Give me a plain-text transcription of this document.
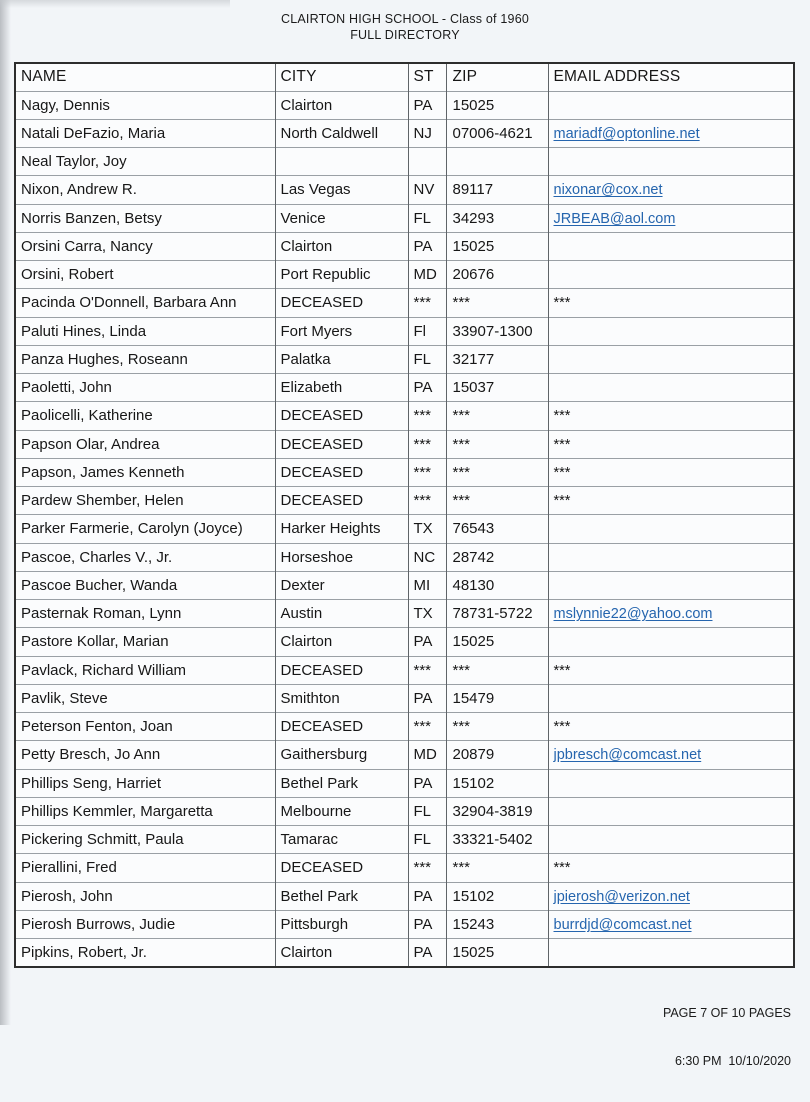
CLAIRTON HIGH SCHOOL - Class of 1960
FULL DIRECTORY
NAME	CITY	ST	ZIP	EMAIL ADDRESS
Nagy, Dennis	Clairton	PA	15025	
Natali DeFazio, Maria	North Caldwell	NJ	07006-4621	mariadf@optonline.net
Neal Taylor, Joy				
Nixon, Andrew R.	Las Vegas	NV	89117	nixonar@cox.net
Norris Banzen, Betsy	Venice	FL	34293	JRBEAB@aol.com
Orsini Carra, Nancy	Clairton	PA	15025	
Orsini, Robert	Port Republic	MD	20676	
Pacinda O'Donnell, Barbara Ann	DECEASED	***	***	***
Paluti Hines, Linda	Fort Myers	Fl	33907-1300	
Panza Hughes, Roseann	Palatka	FL	32177	
Paoletti, John	Elizabeth	PA	15037	
Paolicelli, Katherine	DECEASED	***	***	***
Papson Olar, Andrea	DECEASED	***	***	***
Papson, James Kenneth	DECEASED	***	***	***
Pardew Shember, Helen	DECEASED	***	***	***
Parker Farmerie, Carolyn (Joyce)	Harker Heights	TX	76543	
Pascoe, Charles V., Jr.	Horseshoe	NC	28742	
Pascoe Bucher, Wanda	Dexter	MI	48130	
Pasternak Roman, Lynn	Austin	TX	78731-5722	mslynnie22@yahoo.com
Pastore Kollar, Marian	Clairton	PA	15025	
Pavlack, Richard William	DECEASED	***	***	***
Pavlik, Steve	Smithton	PA	15479	
Peterson Fenton, Joan	DECEASED	***	***	***
Petty Bresch, Jo Ann	Gaithersburg	MD	20879	jpbresch@comcast.net
Phillips Seng, Harriet	Bethel Park	PA	15102	
Phillips Kemmler, Margaretta	Melbourne	FL	32904-3819	
Pickering Schmitt, Paula	Tamarac	FL	33321-5402	
Pierallini, Fred	DECEASED	***	***	***
Pierosh, John	Bethel Park	PA	15102	jpierosh@verizon.net
Pierosh Burrows, Judie	Pittsburgh	PA	15243	burrdjd@comcast.net
Pipkins, Robert, Jr.	Clairton	PA	15025	

PAGE 7 OF 10 PAGES

6:30 PM  10/10/2020
